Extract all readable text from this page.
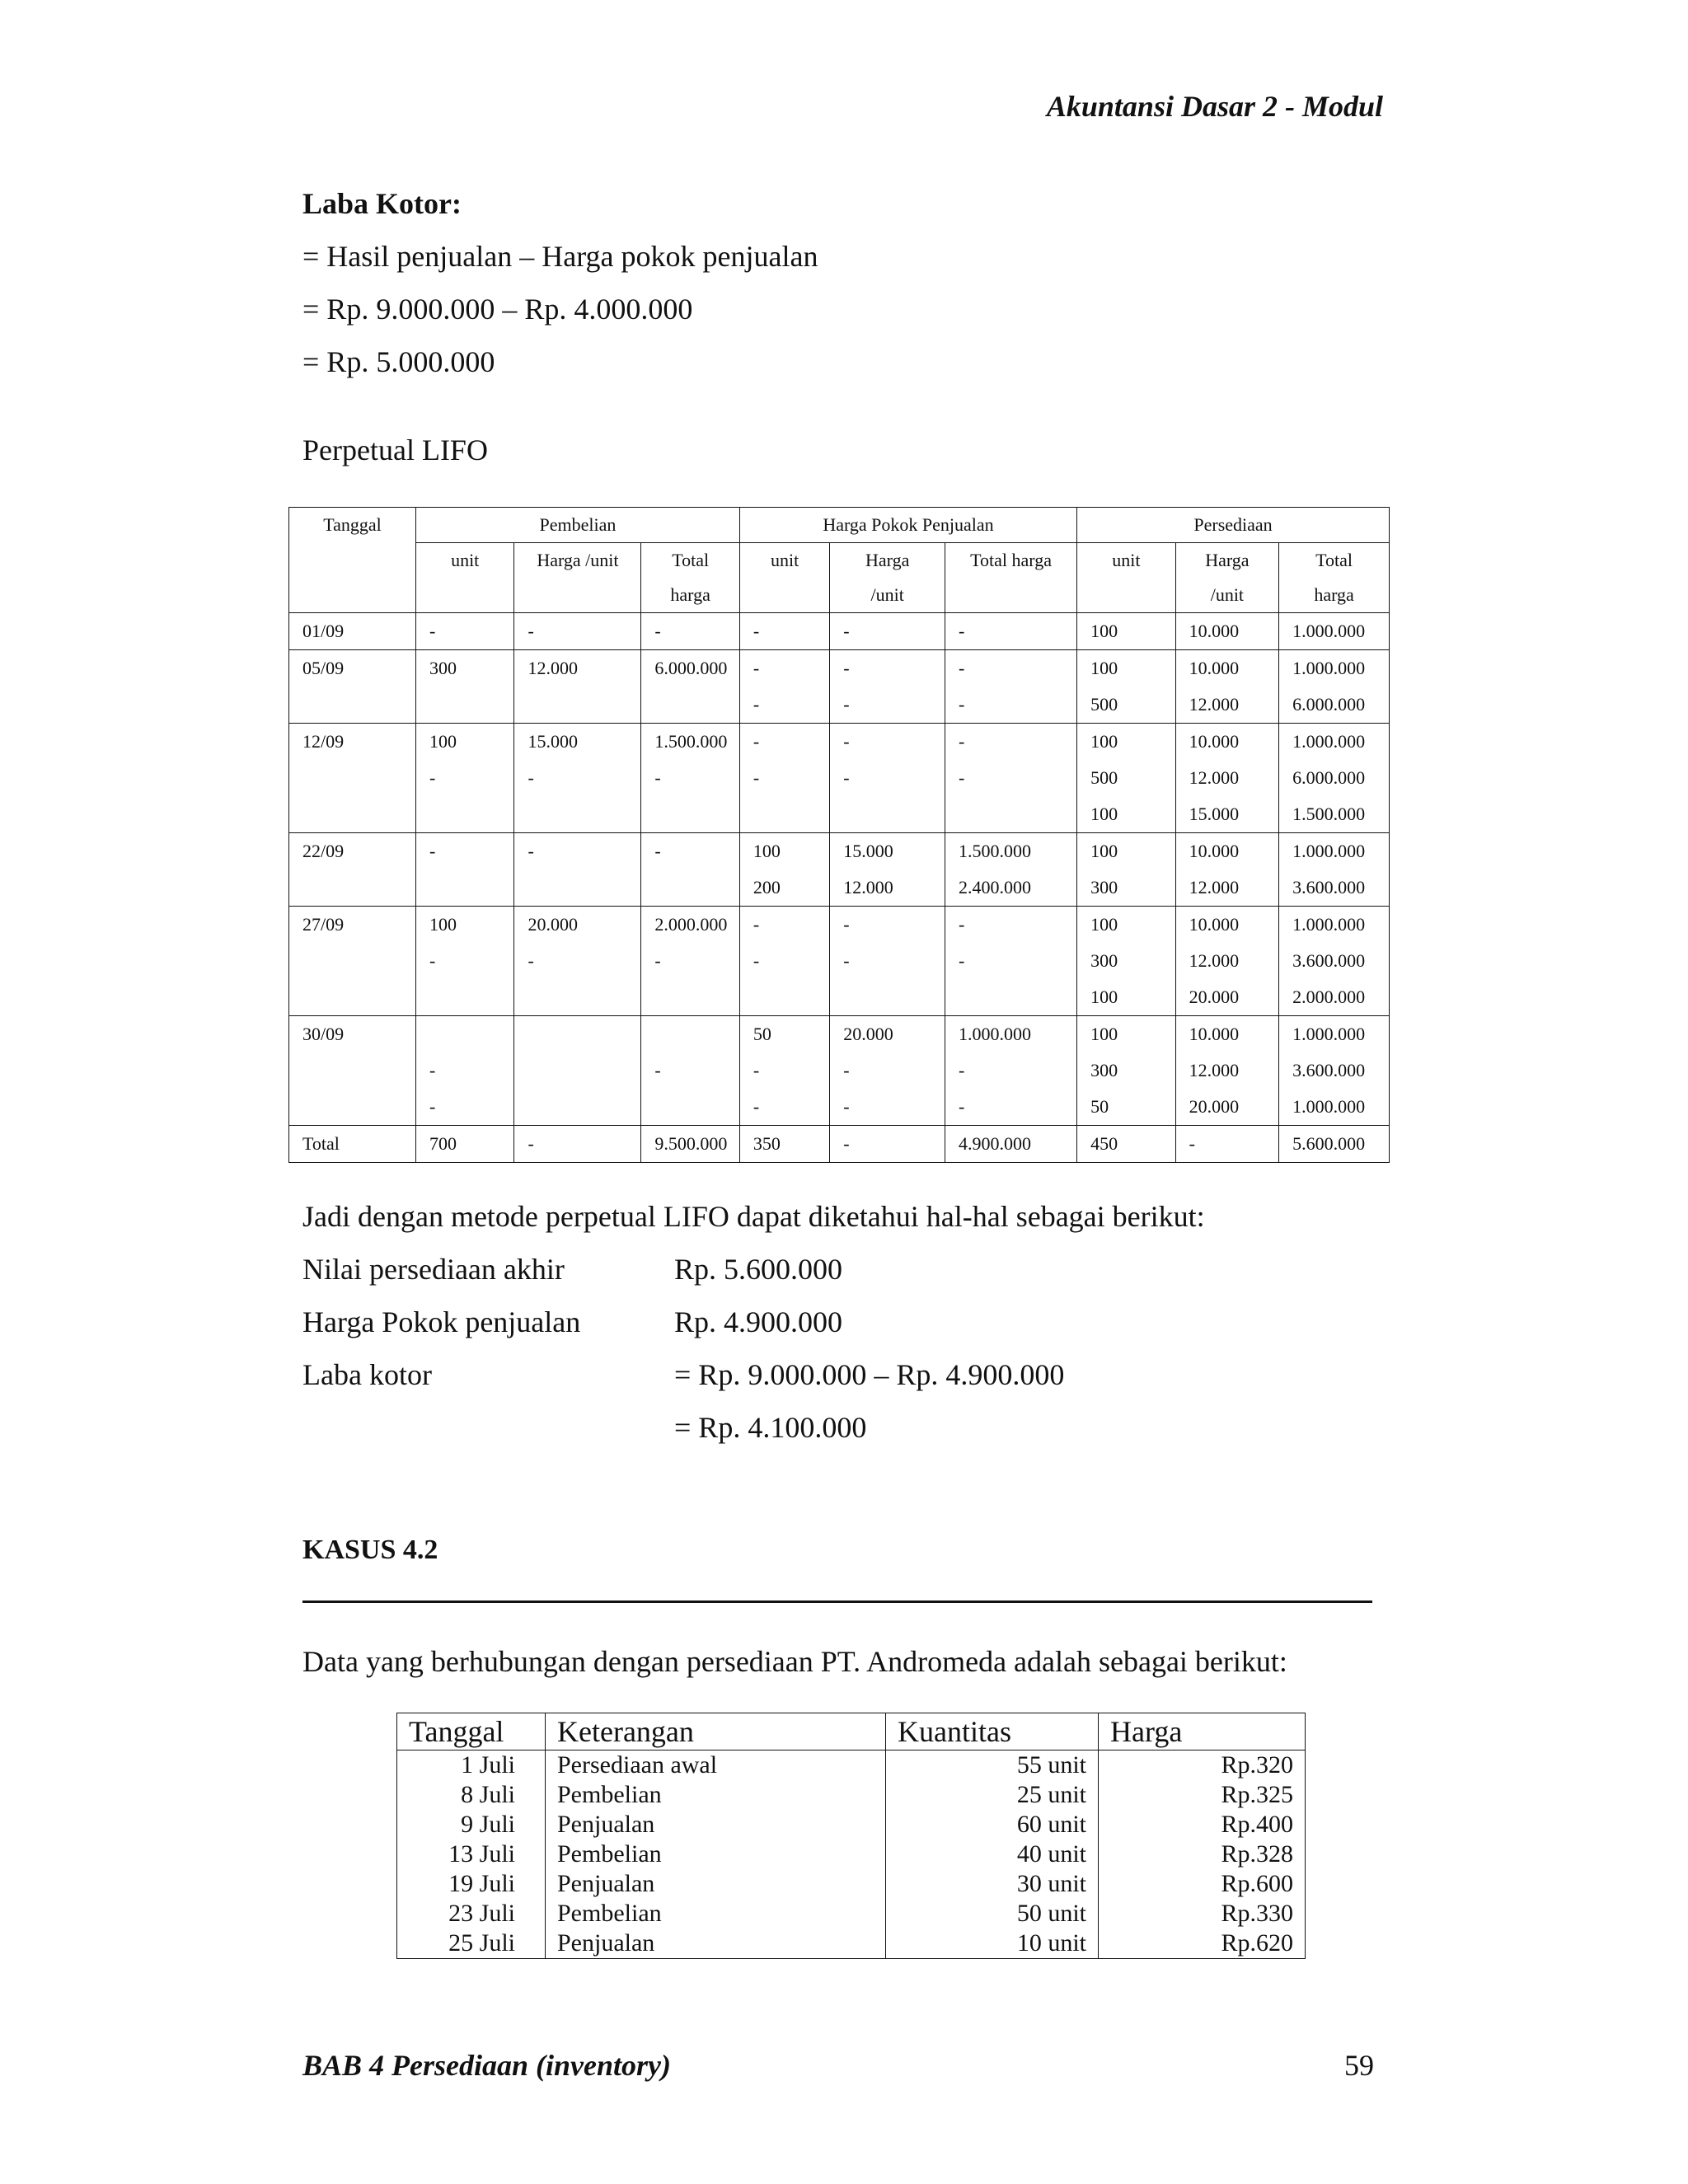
Akuntansi Dasar 2 - Modul
Laba Kotor:
= Hasil penjualan – Harga pokok penjualan
= Rp. 9.000.000 – Rp. 4.000.000
= Rp. 5.000.000
Perpetual LIFO
Tanggal	Pembelian			Harga Pokok Penjualan			Persediaan		
	unit	Harga /unit	Total	unit	Harga	Total harga	unit	Harga	Total
			harga		/unit			/unit	harga
01/09	-	-	-	-	-	-	100	10.000	1.000.000
05/09	300	12.000	6.000.000	-	-	-	100	10.000	1.000.000
				-	-	-	500	12.000	6.000.000
12/09	100	15.000	1.500.000	-	-	-	100	10.000	1.000.000
	-	-	-	-	-	-	500	12.000	6.000.000
							100	15.000	1.500.000
22/09	-	-	-	100	15.000	1.500.000	100	10.000	1.000.000
				200	12.000	2.400.000	300	12.000	3.600.000
27/09	100	20.000	2.000.000	-	-	-	100	10.000	1.000.000
	-	-	-	-	-	-	300	12.000	3.600.000
							100	20.000	2.000.000
30/09				50	20.000	1.000.000	100	10.000	1.000.000
	-		-	-	-	-	300	12.000	3.600.000
	-			-	-	-	50	20.000	1.000.000
Total	700	-	9.500.000	350	-	4.900.000	450	-	5.600.000
Jadi dengan metode perpetual LIFO dapat diketahui hal-hal sebagai berikut:
Nilai persediaan akhir	Rp. 5.600.000
Harga Pokok penjualan	Rp. 4.900.000
Laba kotor	= Rp. 9.000.000 – Rp. 4.900.000
= Rp. 4.100.000
KASUS 4.2
Data yang berhubungan dengan persediaan PT. Andromeda adalah sebagai berikut:
Tanggal	Keterangan	Kuantitas	Harga
1 Juli	Persediaan awal	55 unit	Rp.320
8 Juli	Pembelian	25 unit	Rp.325
9 Juli	Penjualan	60 unit	Rp.400
13 Juli	Pembelian	40 unit	Rp.328
19 Juli	Penjualan	30 unit	Rp.600
23 Juli	Pembelian	50 unit	Rp.330
25 Juli	Penjualan	10 unit	Rp.620
BAB 4 Persediaan (inventory)	59
